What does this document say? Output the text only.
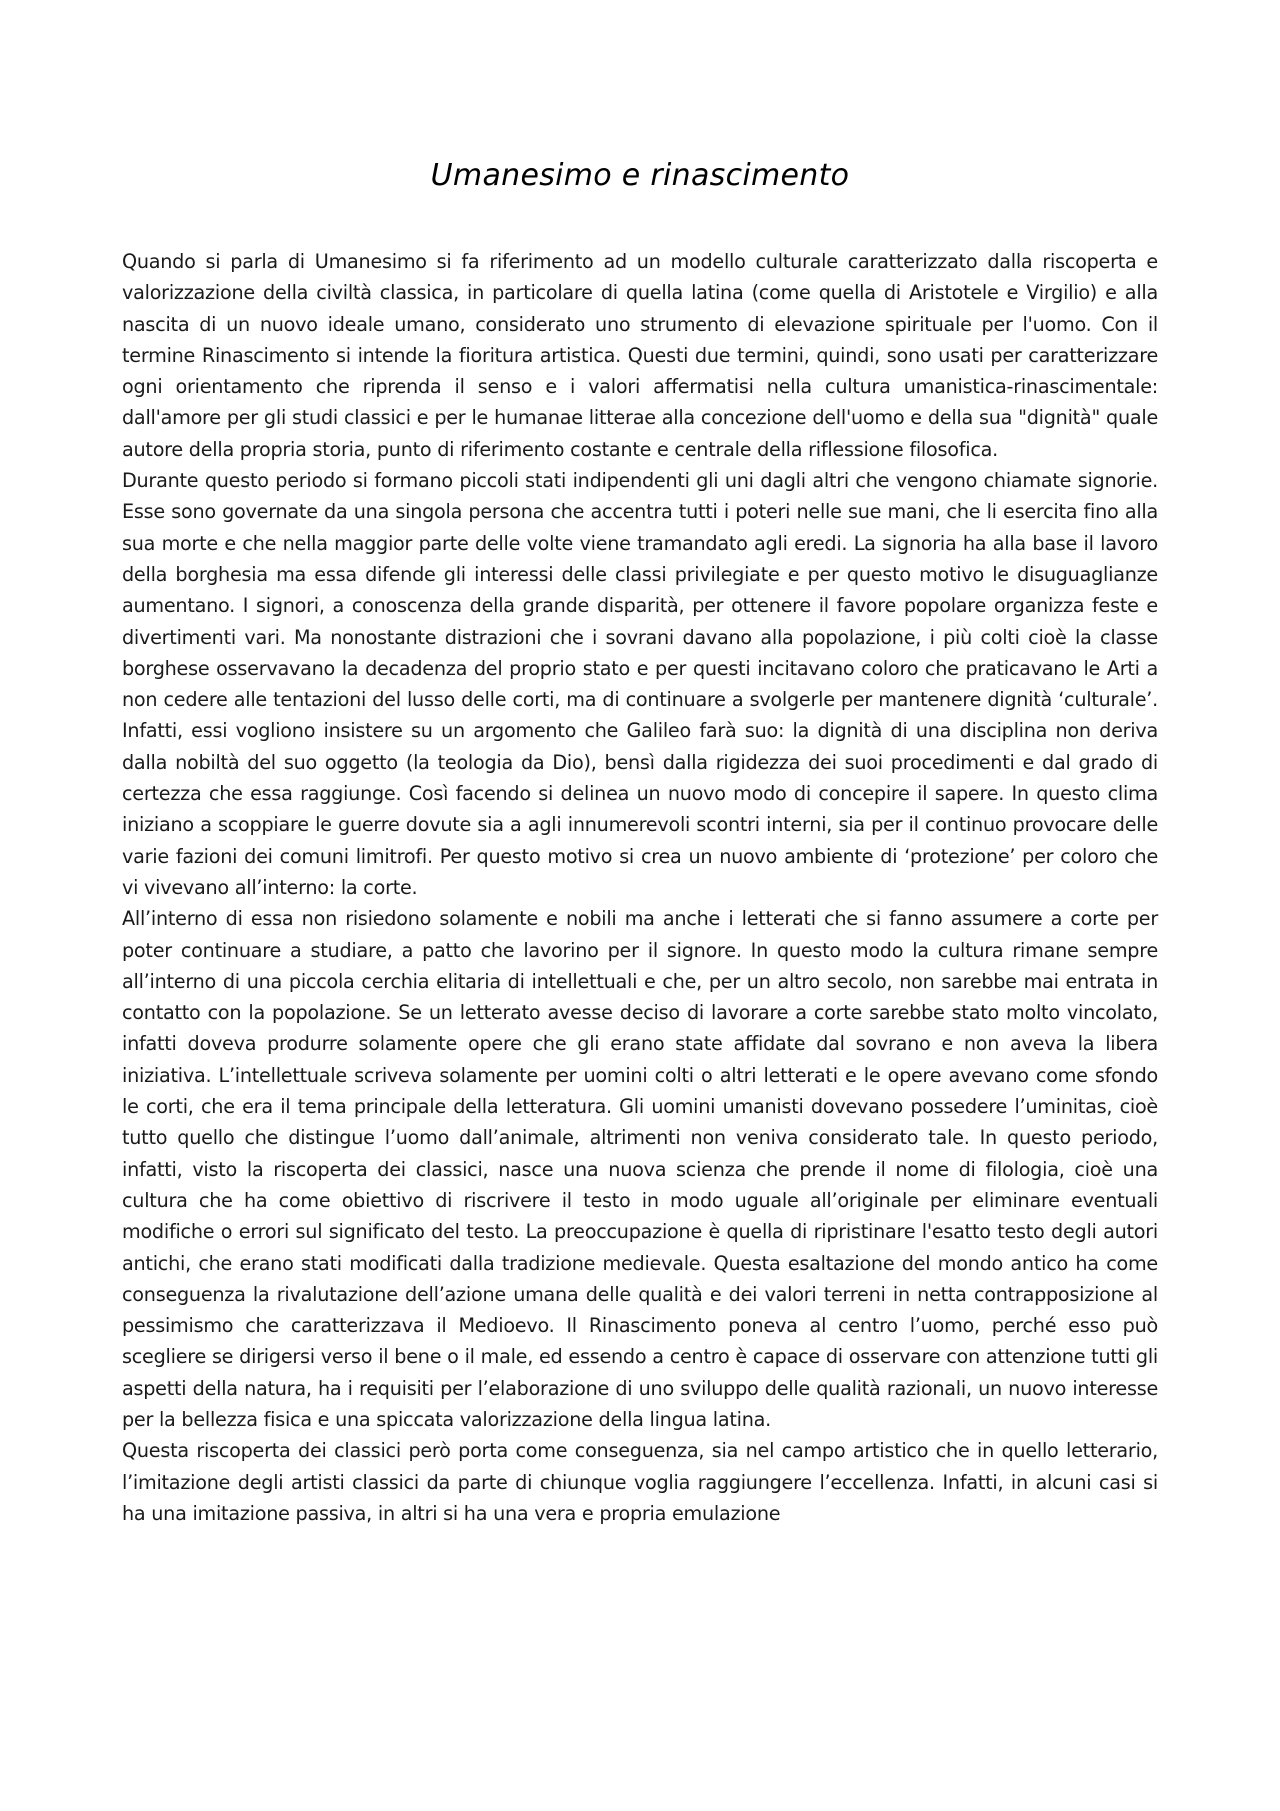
Umanesimo e rinascimento

Quando si parla di Umanesimo si fa riferimento ad un modello culturale caratterizzato dalla riscoperta e valorizzazione della civiltà classica, in particolare di quella latina (come quella di Aristotele e Virgilio) e alla nascita di un nuovo ideale umano, considerato uno strumento di elevazione spirituale per l'uomo. Con il termine Rinascimento si intende la fioritura artistica. Questi due termini, quindi, sono usati per caratterizzare ogni orientamento che riprenda il senso e i valori affermatisi nella cultura umanistica-rinascimentale: dall'amore per gli studi classici e per le humanae litterae alla concezione dell'uomo e della sua "dignità" quale autore della propria storia, punto di riferimento costante e centrale della riflessione filosofica.

Durante questo periodo si formano piccoli stati indipendenti gli uni dagli altri che vengono chiamate signorie. Esse sono governate da una singola persona che accentra tutti i poteri nelle sue mani, che li esercita fino alla sua morte e che nella maggior parte delle volte viene tramandato agli eredi. La signoria ha alla base il lavoro della borghesia ma essa difende gli interessi delle classi privilegiate e per questo motivo le disuguaglianze aumentano. I signori, a conoscenza della grande disparità, per ottenere il favore popolare organizza feste e divertimenti vari. Ma nonostante distrazioni che i sovrani davano alla popolazione, i più colti cioè la classe borghese osservavano la decadenza del proprio stato e per questi incitavano coloro che praticavano le Arti a non cedere alle tentazioni del lusso delle corti, ma di continuare a svolgerle per mantenere dignità ‘culturale’. Infatti, essi vogliono insistere su un argomento che Galileo farà suo: la dignità di una disciplina non deriva dalla nobiltà del suo oggetto (la teologia da Dio), bensì dalla rigidezza dei suoi procedimenti e dal grado di certezza che essa raggiunge. Così facendo si delinea un nuovo modo di concepire il sapere. In questo clima iniziano a scoppiare le guerre dovute sia a agli innumerevoli scontri interni, sia per il continuo provocare delle varie fazioni dei comuni limitrofi. Per questo motivo si crea un nuovo ambiente di ‘protezione’ per coloro che vi vivevano all’interno: la corte.

All’interno di essa non risiedono solamente e nobili ma anche i letterati che si fanno assumere a corte per poter continuare a studiare, a patto che lavorino per il signore. In questo modo la cultura rimane sempre all’interno di una piccola cerchia elitaria di intellettuali e che, per un altro secolo, non sarebbe mai entrata in contatto con la popolazione. Se un letterato avesse deciso di lavorare a corte sarebbe stato molto vincolato, infatti doveva produrre solamente opere che gli erano state affidate dal sovrano e non aveva la libera iniziativa. L’intellettuale scriveva solamente per uomini colti o altri letterati e le opere avevano come sfondo le corti, che era il tema principale della letteratura. Gli uomini umanisti dovevano possedere l’uminitas, cioè tutto quello che distingue l’uomo dall’animale, altrimenti non veniva considerato tale. In questo periodo, infatti, visto la riscoperta dei classici, nasce una nuova scienza che prende il nome di filologia, cioè una cultura che ha come obiettivo di riscrivere il testo in modo uguale all’originale per eliminare eventuali modifiche o errori sul significato del testo. La preoccupazione è quella di ripristinare l'esatto testo degli autori antichi, che erano stati modificati dalla tradizione medievale. Questa esaltazione del mondo antico ha come conseguenza la rivalutazione dell’azione umana delle qualità e dei valori terreni in netta contrapposizione al pessimismo che caratterizzava il Medioevo. Il Rinascimento poneva al centro l’uomo, perché esso può scegliere se dirigersi verso il bene o il male, ed essendo a centro è capace di osservare con attenzione tutti gli aspetti della natura, ha i requisiti per l’elaborazione di uno sviluppo delle qualità razionali, un nuovo interesse per la bellezza fisica e una spiccata valorizzazione della lingua latina.

Questa riscoperta dei classici però porta come conseguenza, sia nel campo artistico che in quello letterario, l’imitazione degli artisti classici da parte di chiunque voglia raggiungere l’eccellenza. Infatti, in alcuni casi si ha una imitazione passiva, in altri si ha una vera e propria emulazione
